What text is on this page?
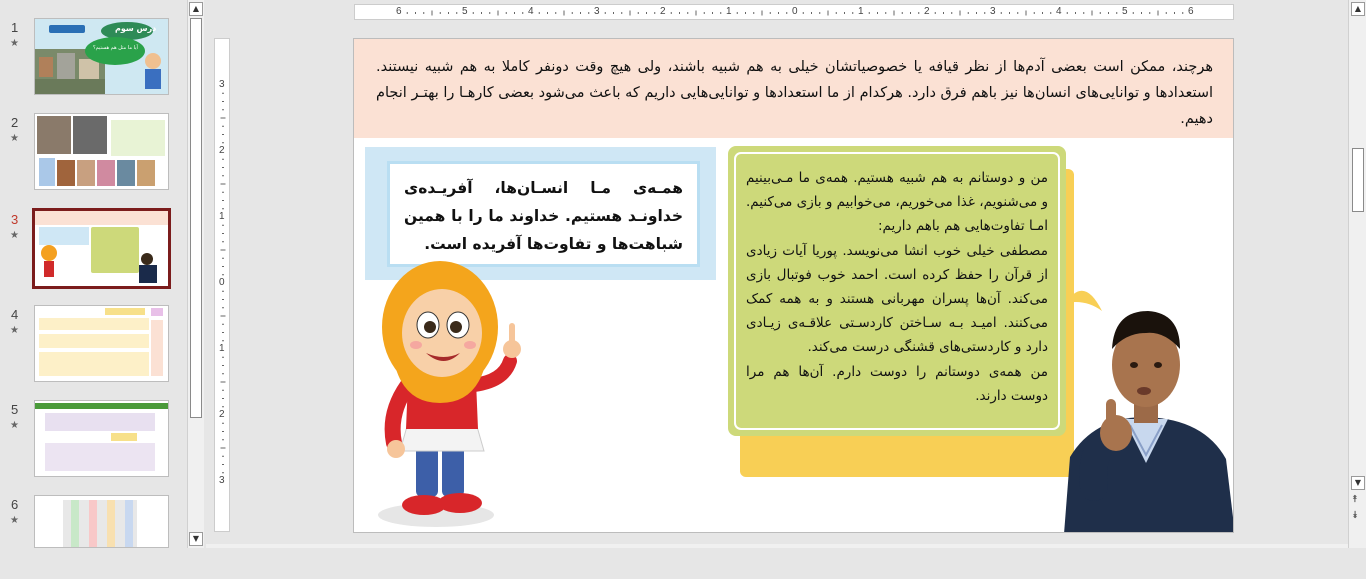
1
★
درس سوم
آیا ما مثل هم هستیم؟
2
★
3
★
4
★
5
★
6
★
▲
▼
6	5	4	3	2	1	0	1	2	3	4	5	6
3
2
1
0
1
2
3
هرچند، ممکن است بعضی آدم‌ها از نظر قیافه یا خصوصیاتشان خیلی به هم شبیه باشند، ولی هیچ وقت دونفر کاملا به هم شبیه نیستند. استعدادها و توانایی‌های انسان‌ها نیز باهم فرق دارد. هرکدام از ما استعدادها و توانایی‌هایی داریم که باعث می‌شود بعضی کارهـا را بهتـر انجام دهیم.
همـه‌ی مـا انسـان‌ها، آفریـده‌ی خداونـد هستیم. خداوند ما را با همین شباهت‌ها و تفاوت‌ها آفریده است.
من و دوستانم به هم شبیه هستیم. همه‌ی ما مـی‌بینیم و می‌شنویم، غذا می‌خوریم، می‌خوابیم و بازی می‌کنیم. امـا تفاوت‌هایی هم باهم داریم:
مصطفی خیلی خوب انشا می‌نویسد. پوریا آیات زیادی از قرآن را حفظ کرده است. احمد خوب فوتبال بازی می‌کند. آن‌ها پسران مهربانی هستند و به همه کمک می‌کنند. امیـد بـه سـاختن کاردسـتی علاقـه‌ی زیـادی دارد و کاردستی‌های قشنگی درست می‌کند.
من همه‌ی دوستانم را دوست دارم. آن‌ها هم مرا دوست دارند.
▲
▼
⯭
⯯
